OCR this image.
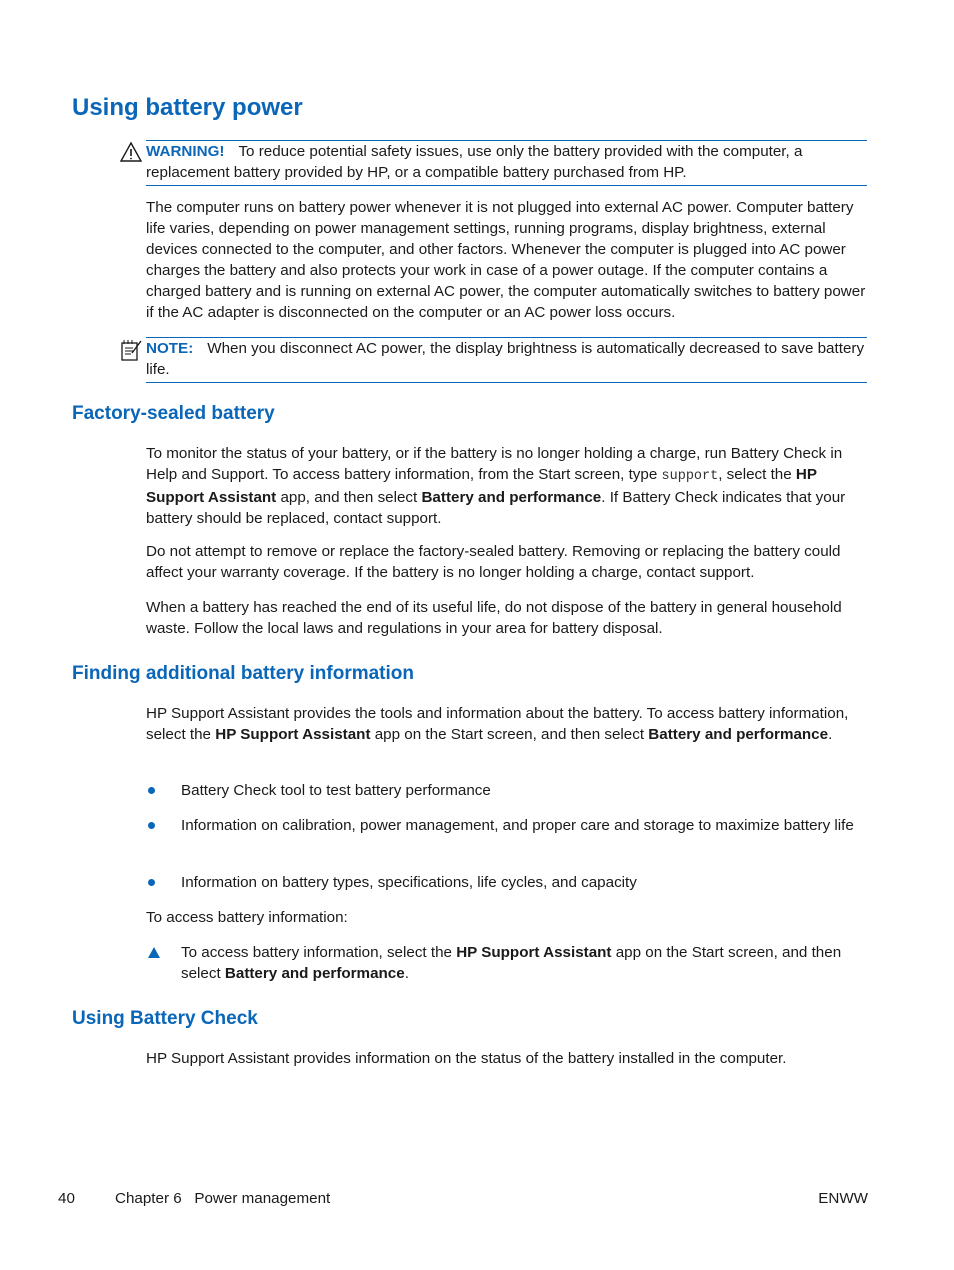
Using battery power
WARNING! To reduce potential safety issues, use only the battery provided with the computer, a replacement battery provided by HP, or a compatible battery purchased from HP.

The computer runs on battery power whenever it is not plugged into external AC power. Computer battery life varies, depending on power management settings, running programs, display brightness, external devices connected to the computer, and other factors. Whenever the computer is plugged into AC power charges the battery and also protects your work in case of a power outage. If the computer contains a charged battery and is running on external AC power, the computer automatically switches to battery power if the AC adapter is disconnected on the computer or an AC power loss occurs.

NOTE: When you disconnect AC power, the display brightness is automatically decreased to save battery life.
Factory-sealed battery

To monitor the status of your battery, or if the battery is no longer holding a charge, run Battery Check in Help and Support. To access battery information, from the Start screen, type support, select the HP Support Assistant app, and then select Battery and performance. If Battery Check indicates that your battery should be replaced, contact support.

Do not attempt to remove or replace the factory-sealed battery. Removing or replacing the battery could affect your warranty coverage. If the battery is no longer holding a charge, contact support.

When a battery has reached the end of its useful life, do not dispose of the battery in general household waste. Follow the local laws and regulations in your area for battery disposal.

Finding additional battery information

HP Support Assistant provides the tools and information about the battery. To access battery information, select the HP Support Assistant app on the Start screen, and then select Battery and performance.

Battery Check tool to test battery performance
Information on calibration, power management, and proper care and storage to maximize battery life
Information on battery types, specifications, life cycles, and capacity

To access battery information:

To access battery information, select the HP Support Assistant app on the Start screen, and then select Battery and performance.
Using Battery Check

HP Support Assistant provides information on the status of the battery installed in the computer.

40	Chapter 6   Power management	ENWW
